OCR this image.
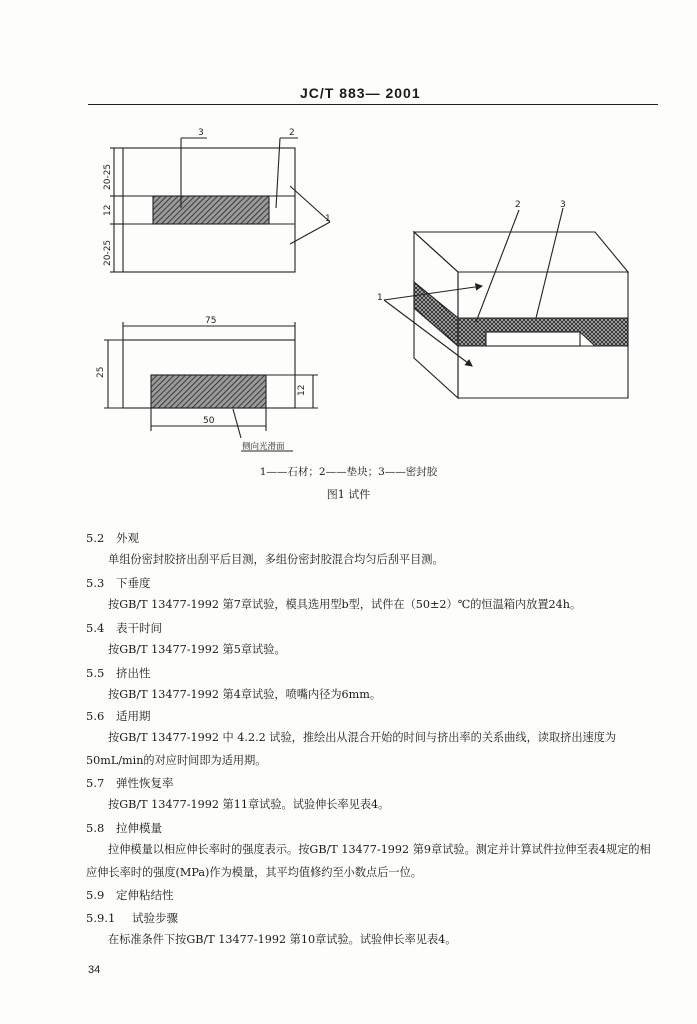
JC/T 883— 2001
20-25
12
20-25
3	2
1
75
25
12
50
侧向光滑面
2	3
1
1——石材；2——垫块；3——密封胶
图1 试件
5.2 外观
单组份密封胶挤出刮平后目测，多组份密封胶混合均匀后刮平目测。
5.3 下垂度
按GB/T 13477-1992 第7章试验，模具选用型b型，试件在（50±2）℃的恒温箱内放置24h。
5.4 表干时间
按GB/T 13477-1992 第5章试验。
5.5 挤出性
按GB/T 13477-1992 第4章试验，喷嘴内径为6mm。
5.6 适用期
按GB/T 13477-1992 中 4.2.2 试验，推绘出从混合开始的时间与挤出率的关系曲线，读取挤出速度为50mL/min的对应时间即为适用期。
5.7 弹性恢复率
按GB/T 13477-1992 第11章试验。试验伸长率见表4。
5.8 拉伸模量
拉伸模量以相应伸长率时的强度表示。按GB/T 13477-1992 第9章试验。测定并计算试件拉伸至表4规定的相应伸长率时的强度(MPa)作为模量，其平均值修约至小数点后一位。
5.9 定伸粘结性
5.9.1 试验步骤
在标准条件下按GB/T 13477-1992 第10章试验。试验伸长率见表4。
34
